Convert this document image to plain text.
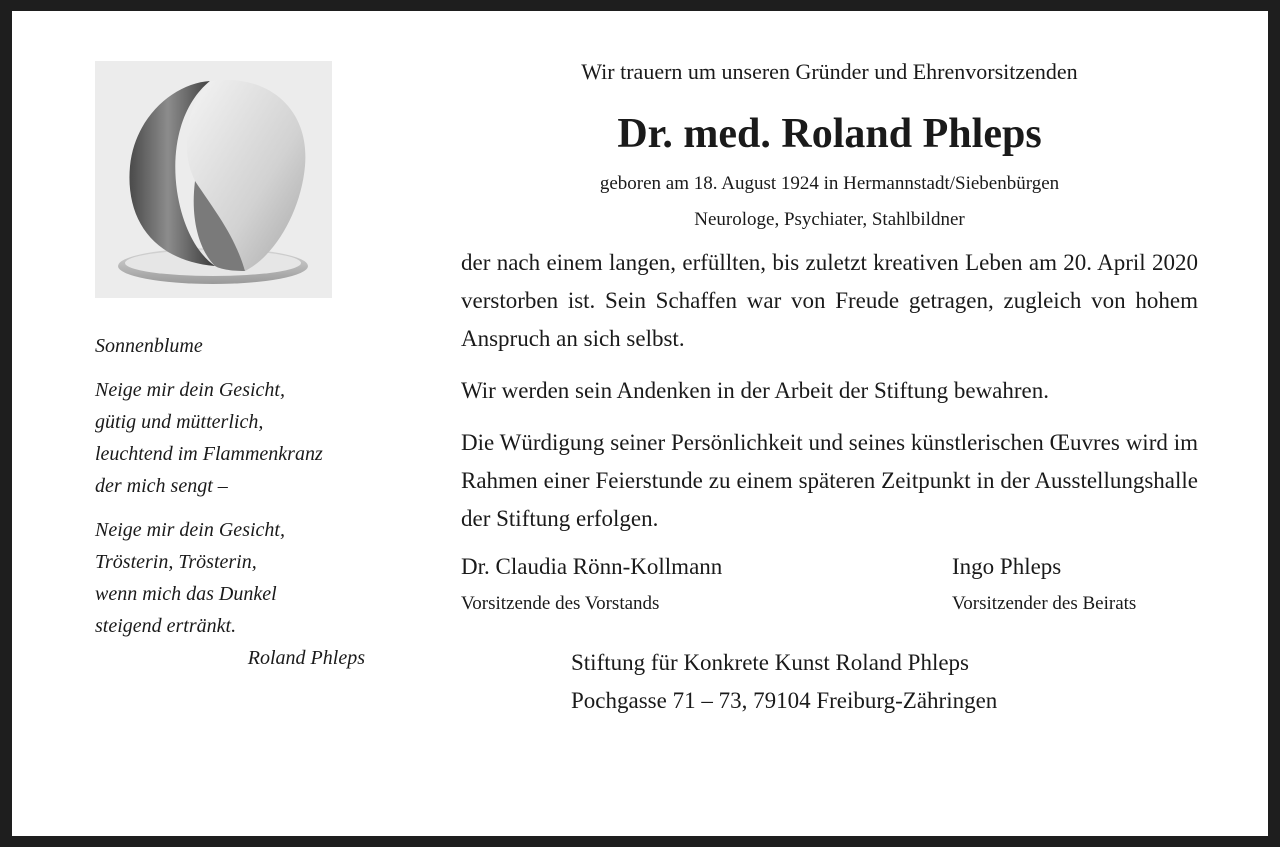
Sonnenblume
Neige mir dein Gesicht,
gütig und mütterlich,
leuchtend im Flammenkranz
der mich sengt –
Neige mir dein Gesicht,
Trösterin, Trösterin,
wenn mich das Dunkel
steigend ertränkt.
Roland Phleps
Wir trauern um unseren Gründer und Ehrenvorsitzenden
Dr. med. Roland Phleps
geboren am 18. August 1924 in Hermannstadt/Siebenbürgen
Neurologe, Psychiater, Stahlbildner
der nach einem langen, erfüllten, bis zuletzt kreativen Leben am 20. April 2020 verstorben ist. Sein Schaffen war von Freude getragen, zugleich von hohem Anspruch an sich selbst.
Wir werden sein Andenken in der Arbeit der Stiftung bewahren.
Die Würdigung seiner Persönlichkeit und seines künstlerischen Œuvres wird im Rahmen einer Feierstunde zu einem späteren Zeitpunkt in der Ausstellungshalle der Stiftung erfolgen.
Dr. Claudia Rönn-Kollmann
Vorsitzende des Vorstands
Ingo Phleps
Vorsitzender des Beirats
Stiftung für Konkrete Kunst Roland Phleps
Pochgasse 71 – 73, 79104 Freiburg-Zähringen
